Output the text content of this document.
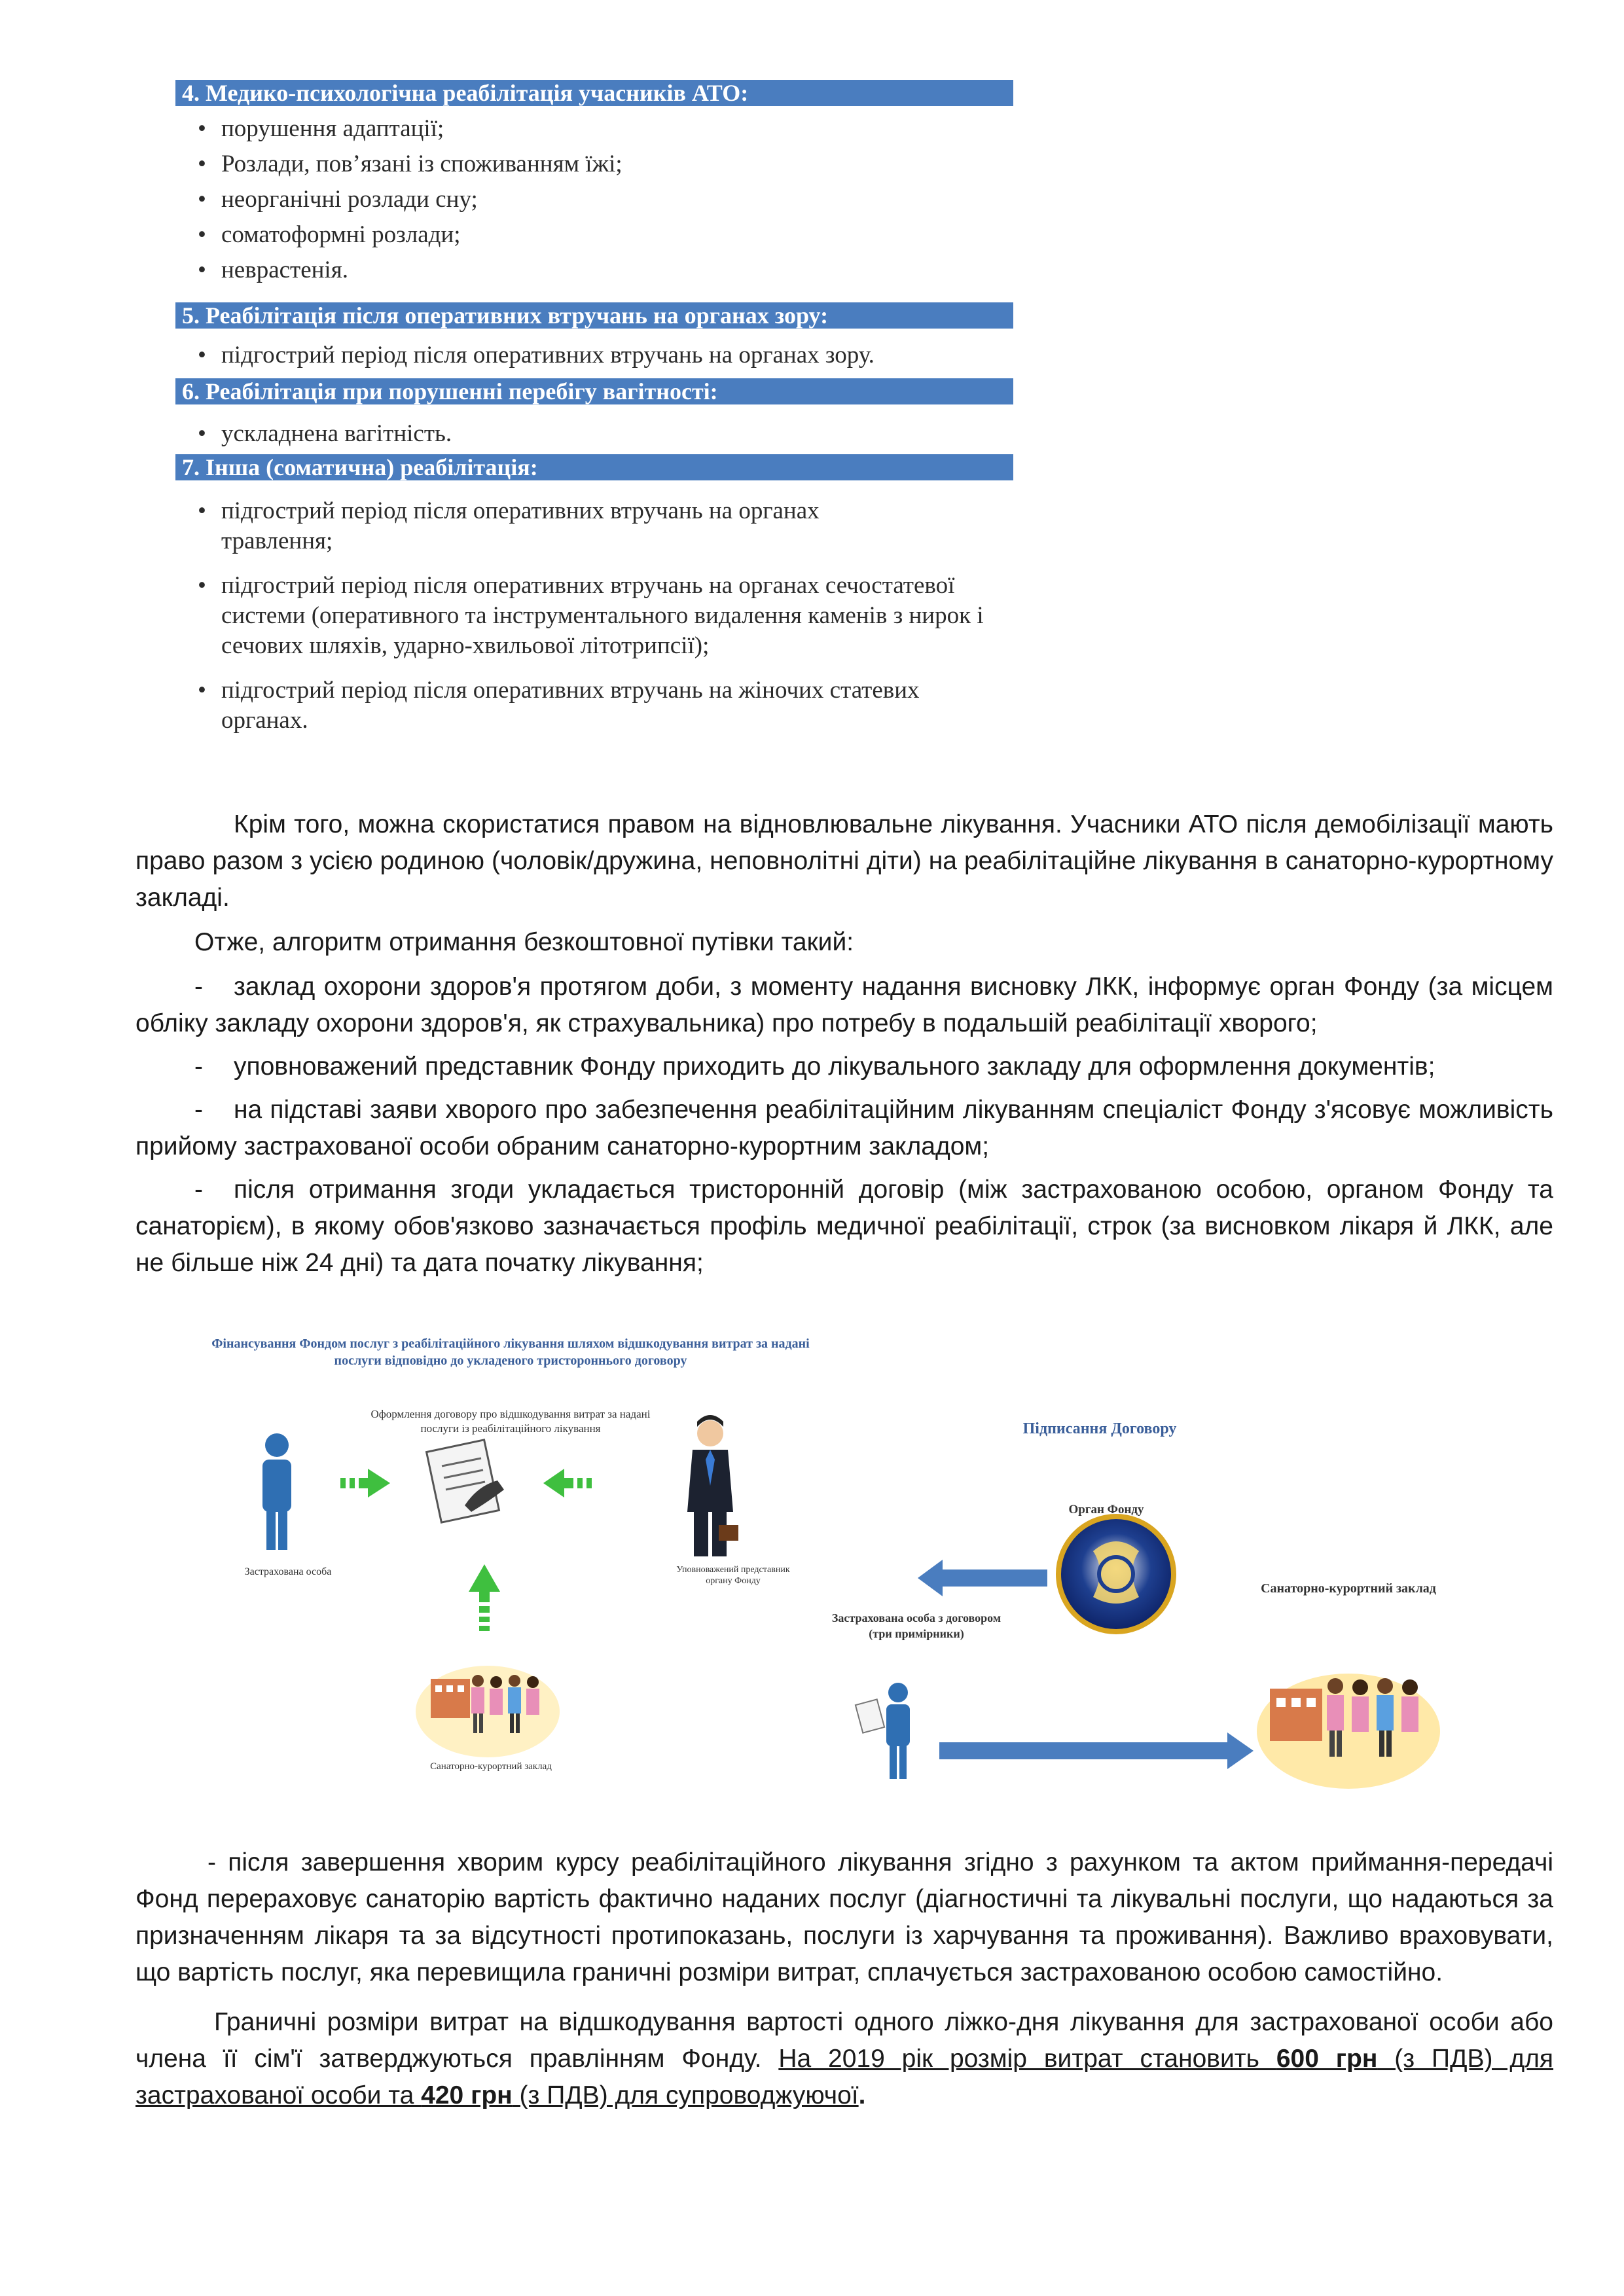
4. Медико-психологічна реабілітація учасників АТО:
• порушення адаптації;
• Розлади, пов’язані із споживанням їжі;
• неорганічні розлади сну;
• соматоформні розлади;
• неврастенія.
5. Реабілітація після оперативних втручань на органах зору:
• підгострий період після оперативних втручань на органах зору.
6. Реабілітація при порушенні перебігу вагітності:
• ускладнена вагітність.
7. Інша (соматична) реабілітація:
• підгострий період після оперативних втручань на органах травлення;
• підгострий період після оперативних втручань на органах сечостатевої системи (оперативного та інструментального видалення каменів з нирок і сечових шляхів, ударно-хвильової літотрипсії);
• підгострий період після оперативних втручань на жіночих статевих органах.

Крім того, можна скористатися правом на відновлювальне лікування. Учасники АТО після демобілізації мають право разом з усією родиною (чоловік/дружина, неповнолітні діти) на реабілітаційне лікування в санаторно-курортному закладі.

Отже, алгоритм отримання безкоштовної путівки такий:

- заклад охорони здоров'я протягом доби, з моменту надання висновку ЛКК, інформує орган Фонду (за місцем обліку закладу охорони здоров'я, як страхувальника) про потребу в подальшій реабілітації хворого;

- уповноважений представник Фонду приходить до лікувального закладу для оформлення документів;

- на підставі заяви хворого про забезпечення реабілітаційним лікуванням спеціаліст Фонду з'ясовує можливість прийому застрахованої особи обраним санаторно-курортним закладом;

- після отримання згоди укладається тристоронній договір (між застрахованою особою, органом Фонду та санаторієм), в якому обов'язково зазначається профіль медичної реабілітації, строк (за висновком лікаря й ЛКК, але не більше ніж 24 дні) та дата початку лікування;

Фінансування Фондом послуг з реабілітаційного лікування шляхом відшкодування витрат за надані послуги відповідно до укладеного тристороннього договору
Оформлення договору про відшкодування витрат за надані послуги із реабілітаційного лікування
Застрахована особа	Уповноважений представник органу Фонду
Санаторно-курортний заклад
Підписання Договору
Орган Фонду
Застрахована особа з договором (три примірники)
Санаторно-курортний заклад

- після завершення хворим курсу реабілітаційного лікування згідно з рахунком та актом приймання-передачі Фонд перераховує санаторію вартість фактично наданих послуг (діагностичні та лікувальні послуги, що надаються за призначенням лікаря та за відсутності протипоказань, послуги із харчування та проживання). Важливо враховувати, що вартість послуг, яка перевищила граничні розміри витрат, сплачується застрахованою особою самостійно.

Граничні розміри витрат на відшкодування вартості одного ліжко-дня лікування для застрахованої особи або члена її сім'ї затверджуються правлінням Фонду. На 2019 рік розмір витрат становить 600 грн (з ПДВ) для застрахованої особи та 420 грн (з ПДВ) для супроводжуючої.
